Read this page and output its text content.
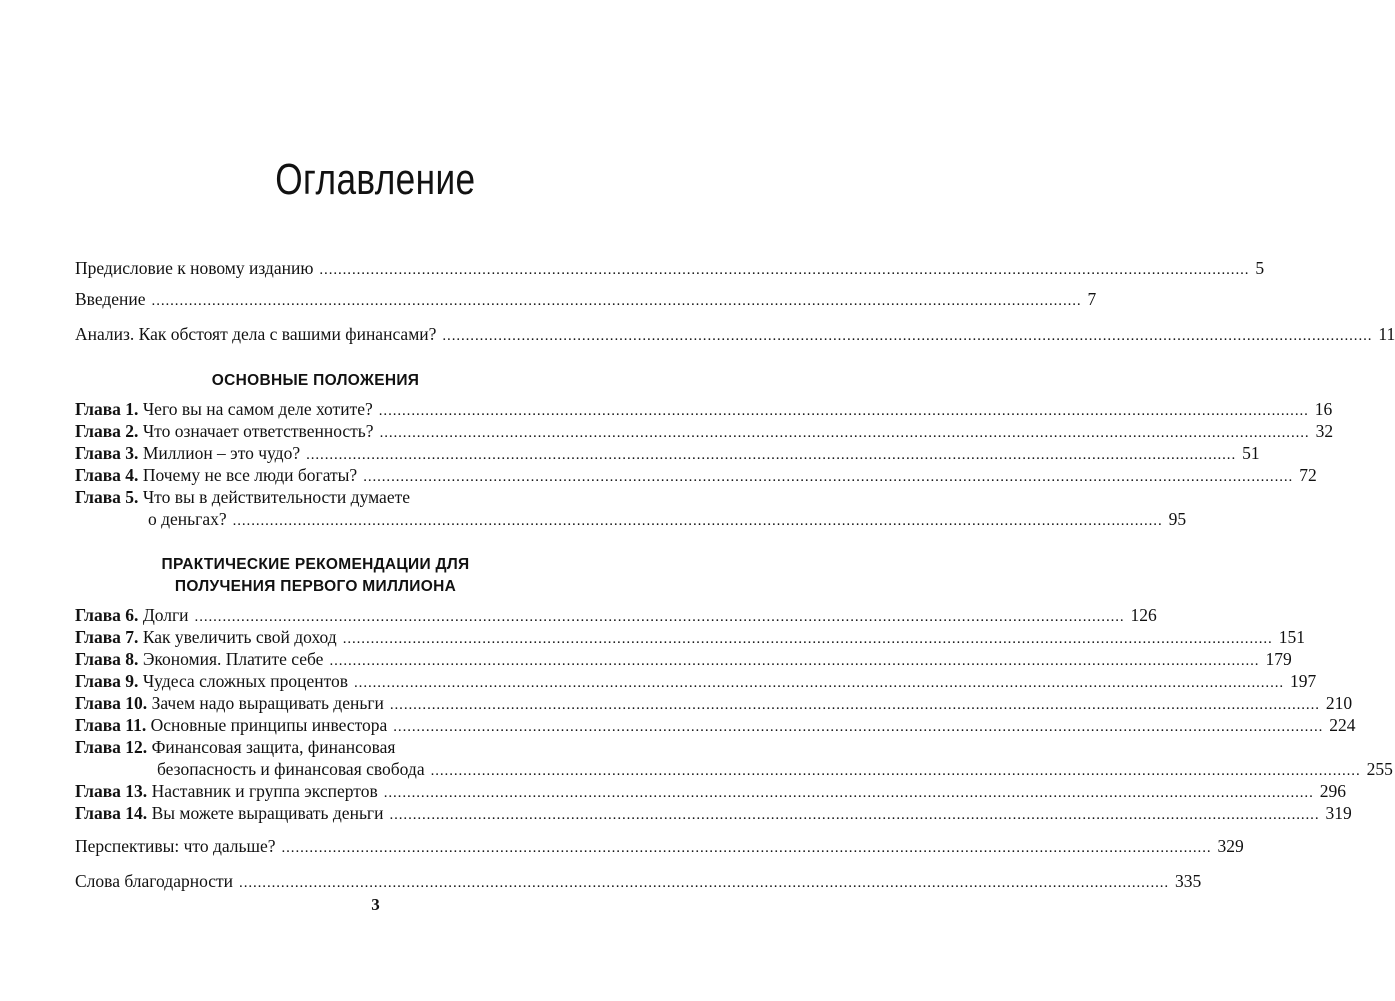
Оглавление
Предисловие к новому изданию ........................................................................................................................................................................................................ 5
Введение ........................................................................................................................................................................................................ 7
Анализ. Как обстоят дела с вашими финансами? ........................................................................................................................................................................................................ 11
ОСНОВНЫЕ ПОЛОЖЕНИЯ
Глава 1. Чего вы на самом деле хотите? ........................................................................................................................................................................................................ 16
Глава 2. Что означает ответственность? ........................................................................................................................................................................................................ 32
Глава 3. Миллион – это чудо? ........................................................................................................................................................................................................ 51
Глава 4. Почему не все люди богаты? ........................................................................................................................................................................................................ 72
Глава 5. Что вы в действительности думаете
о деньгах? ........................................................................................................................................................................................................ 95
ПРАКТИЧЕСКИЕ РЕКОМЕНДАЦИИ ДЛЯ
ПОЛУЧЕНИЯ ПЕРВОГО МИЛЛИОНА
Глава 6. Долги ........................................................................................................................................................................................................ 126
Глава 7. Как увеличить свой доход ........................................................................................................................................................................................................ 151
Глава 8. Экономия. Платите себе ........................................................................................................................................................................................................ 179
Глава 9. Чудеса сложных процентов ........................................................................................................................................................................................................ 197
Глава 10. Зачем надо выращивать деньги ........................................................................................................................................................................................................ 210
Глава 11. Основные принципы инвестора ........................................................................................................................................................................................................ 224
Глава 12. Финансовая защита, финансовая
безопасность и финансовая свобода ........................................................................................................................................................................................................ 255
Глава 13. Наставник и группа экспертов ........................................................................................................................................................................................................ 296
Глава 14. Вы можете выращивать деньги ........................................................................................................................................................................................................ 319
Перспективы: что дальше? ........................................................................................................................................................................................................ 329
Слова благодарности ........................................................................................................................................................................................................ 335
3
